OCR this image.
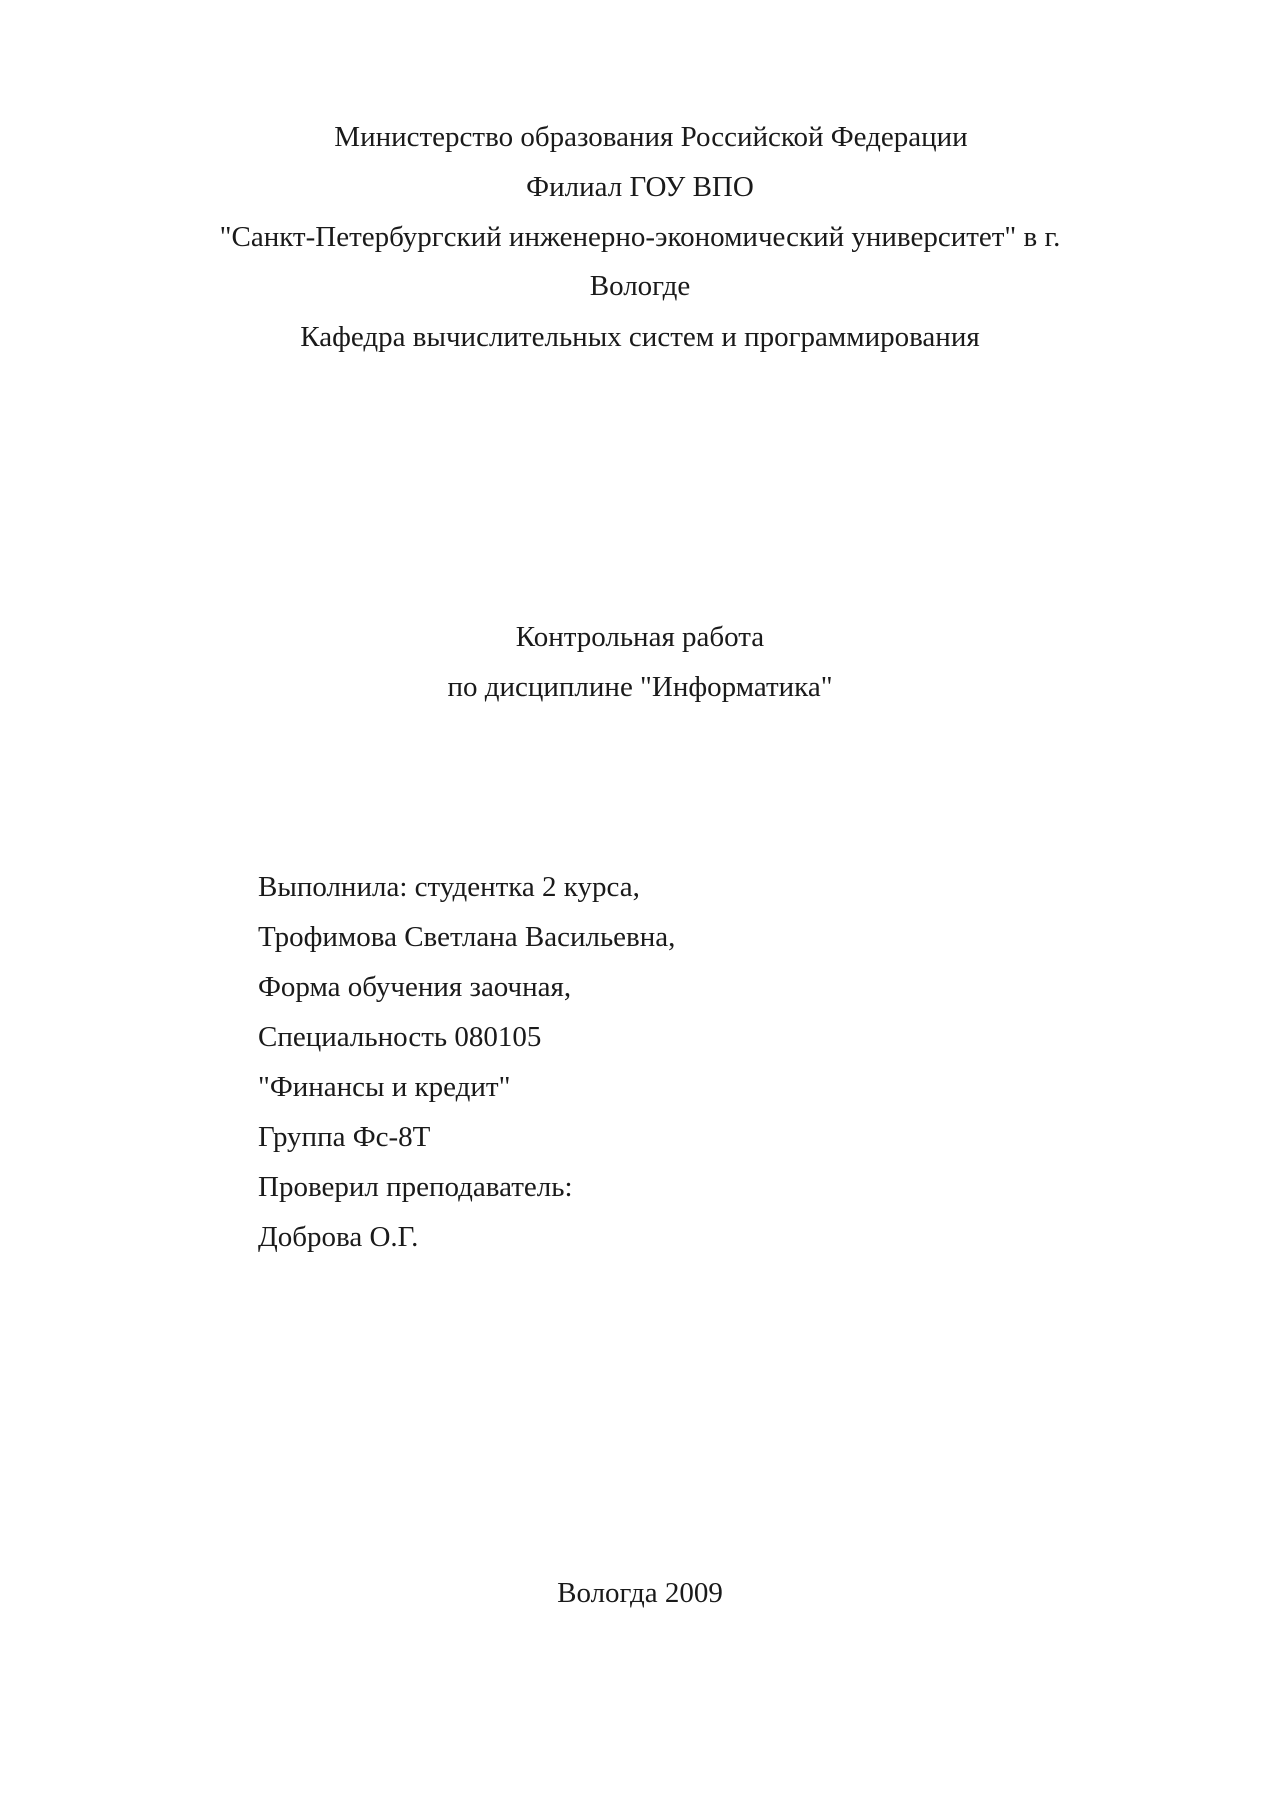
Министерство образования Российской Федерации

Филиал ГОУ ВПО

"Санкт-Петербургский инженерно-экономический университет" в г.

Вологде

Кафедра вычислительных систем и программирования

Контрольная работа

по дисциплине "Информатика"

Выполнила: студентка 2 курса,

Трофимова Светлана Васильевна,

Форма обучения заочная,

Специальность 080105

"Финансы и кредит"

Группа Фс-8Т

Проверил преподаватель:

Доброва О.Г.

Вологда 2009
